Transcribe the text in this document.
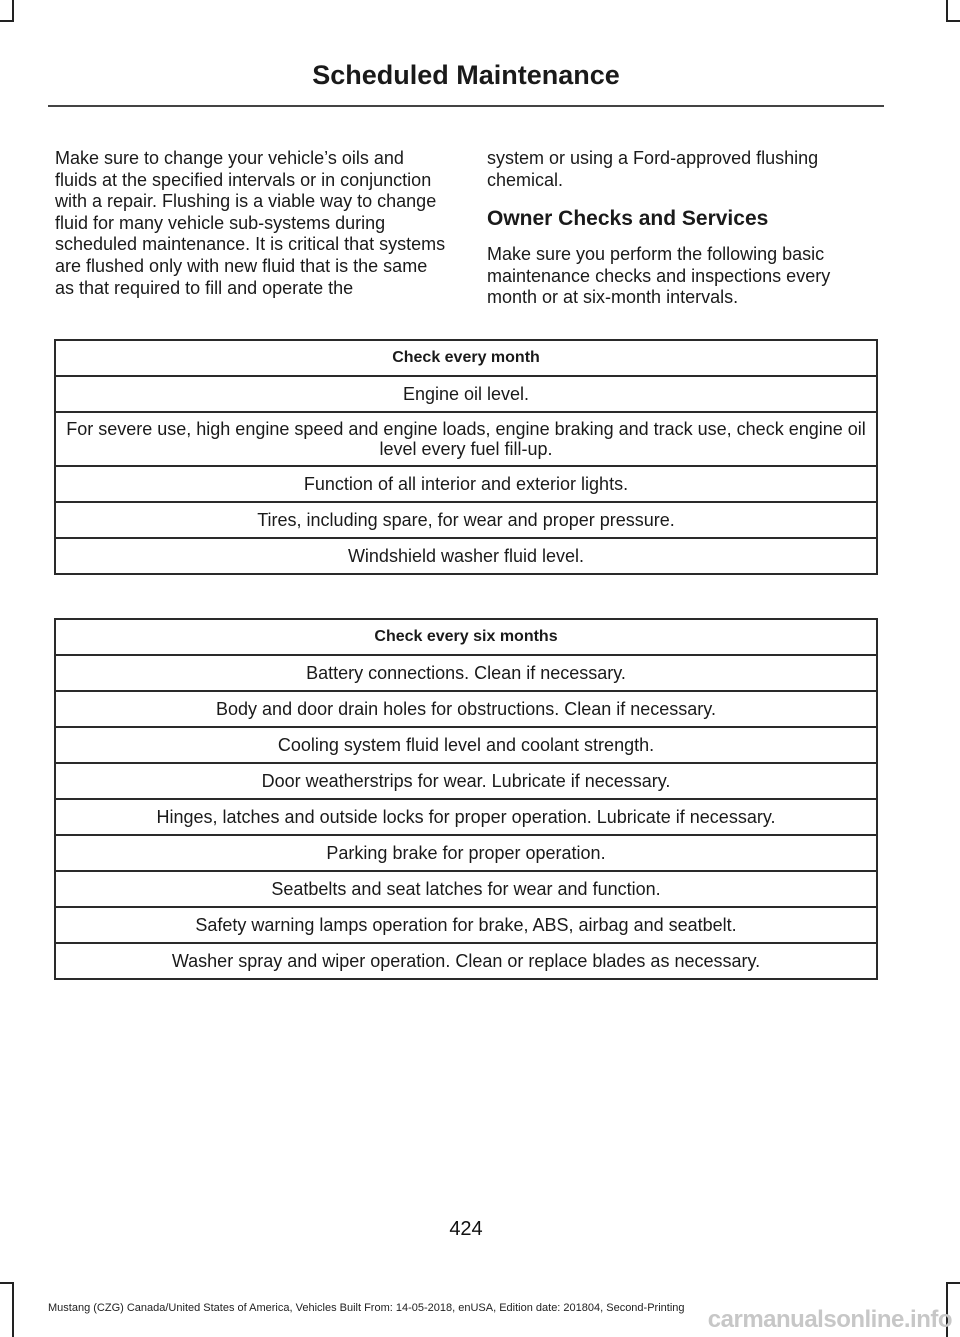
Scheduled Maintenance

Make sure to change your vehicle’s oils and fluids at the specified intervals or in conjunction with a repair. Flushing is a viable way to change fluid for many vehicle sub-systems during scheduled maintenance. It is critical that systems are flushed only with new fluid that is the same as that required to fill and operate the

system or using a Ford-approved flushing chemical.

Owner Checks and Services

Make sure you perform the following basic maintenance checks and inspections every month or at six-month intervals.

Check every month
Engine oil level.
For severe use, high engine speed and engine loads, engine braking and track use, check engine oil level every fuel fill-up.
Function of all interior and exterior lights.
Tires, including spare, for wear and proper pressure.
Windshield washer fluid level.
Check every six months
Battery connections. Clean if necessary.
Body and door drain holes for obstructions. Clean if necessary.
Cooling system fluid level and coolant strength.
Door weatherstrips for wear. Lubricate if necessary.
Hinges, latches and outside locks for proper operation. Lubricate if necessary.
Parking brake for proper operation.
Seatbelts and seat latches for wear and function.
Safety warning lamps operation for brake, ABS, airbag and seatbelt.
Washer spray and wiper operation. Clean or replace blades as necessary.
424
Mustang (CZG) Canada/United States of America, Vehicles Built From: 14-05-2018, enUSA, Edition date: 201804, Second-Printing carmanualsonline.info
